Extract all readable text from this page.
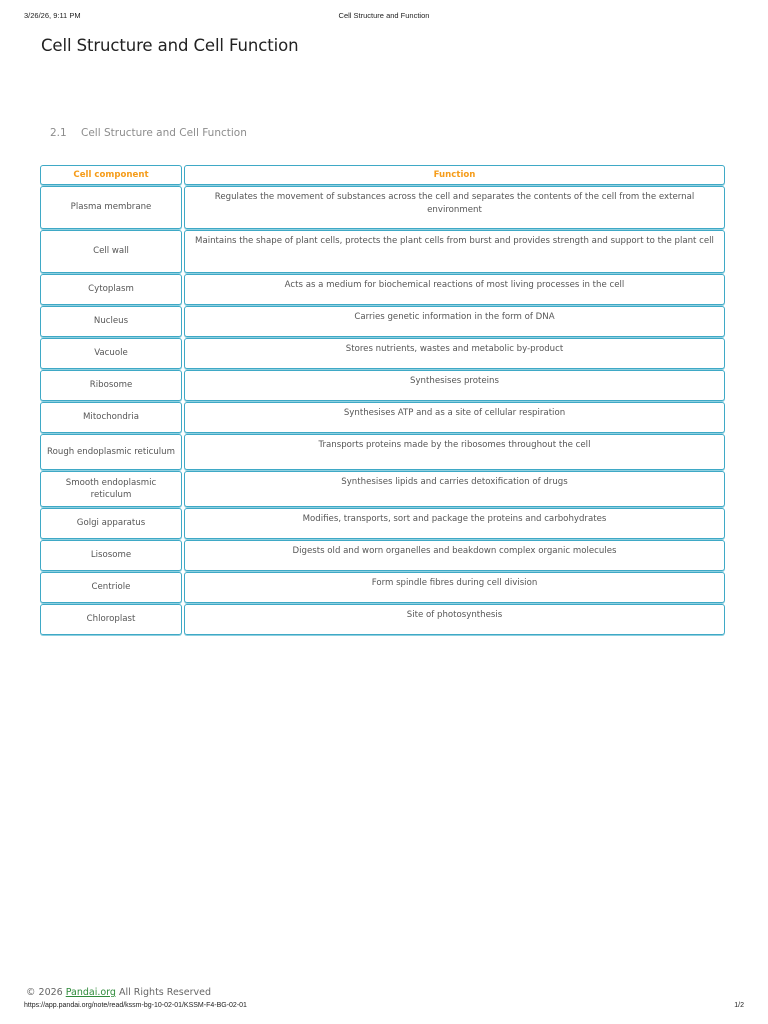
3/26/26, 9:11 PM	Cell Structure and Function
Cell Structure and Cell Function
2.1 Cell Structure and Cell Function
Cell component	Function
Plasma membrane	Regulates the movement of substances across the cell and separates the contents of the cell from the external environment
Cell wall	Maintains the shape of plant cells, protects the plant cells from burst and provides strength and support to the plant cell
Cytoplasm	Acts as a medium for biochemical reactions of most living processes in the cell
Nucleus	Carries genetic information in the form of DNA
Vacuole	Stores nutrients, wastes and metabolic by-product
Ribosome	Synthesises proteins
Mitochondria	Synthesises ATP and as a site of cellular respiration
Rough endoplasmic reticulum	Transports proteins made by the ribosomes throughout the cell
Smooth endoplasmic reticulum	Synthesises lipids and carries detoxification of drugs
Golgi apparatus	Modifies, transports, sort and package the proteins and carbohydrates
Lisosome	Digests old and worn organelles and beakdown complex organic molecules
Centriole	Form spindle fibres during cell division
Chloroplast	Site of photosynthesis
© 2026 Pandai.org All Rights Reserved
https://app.pandai.org/note/read/kssm-bg-10-02-01/KSSM-F4-BG-02-01	1/2
